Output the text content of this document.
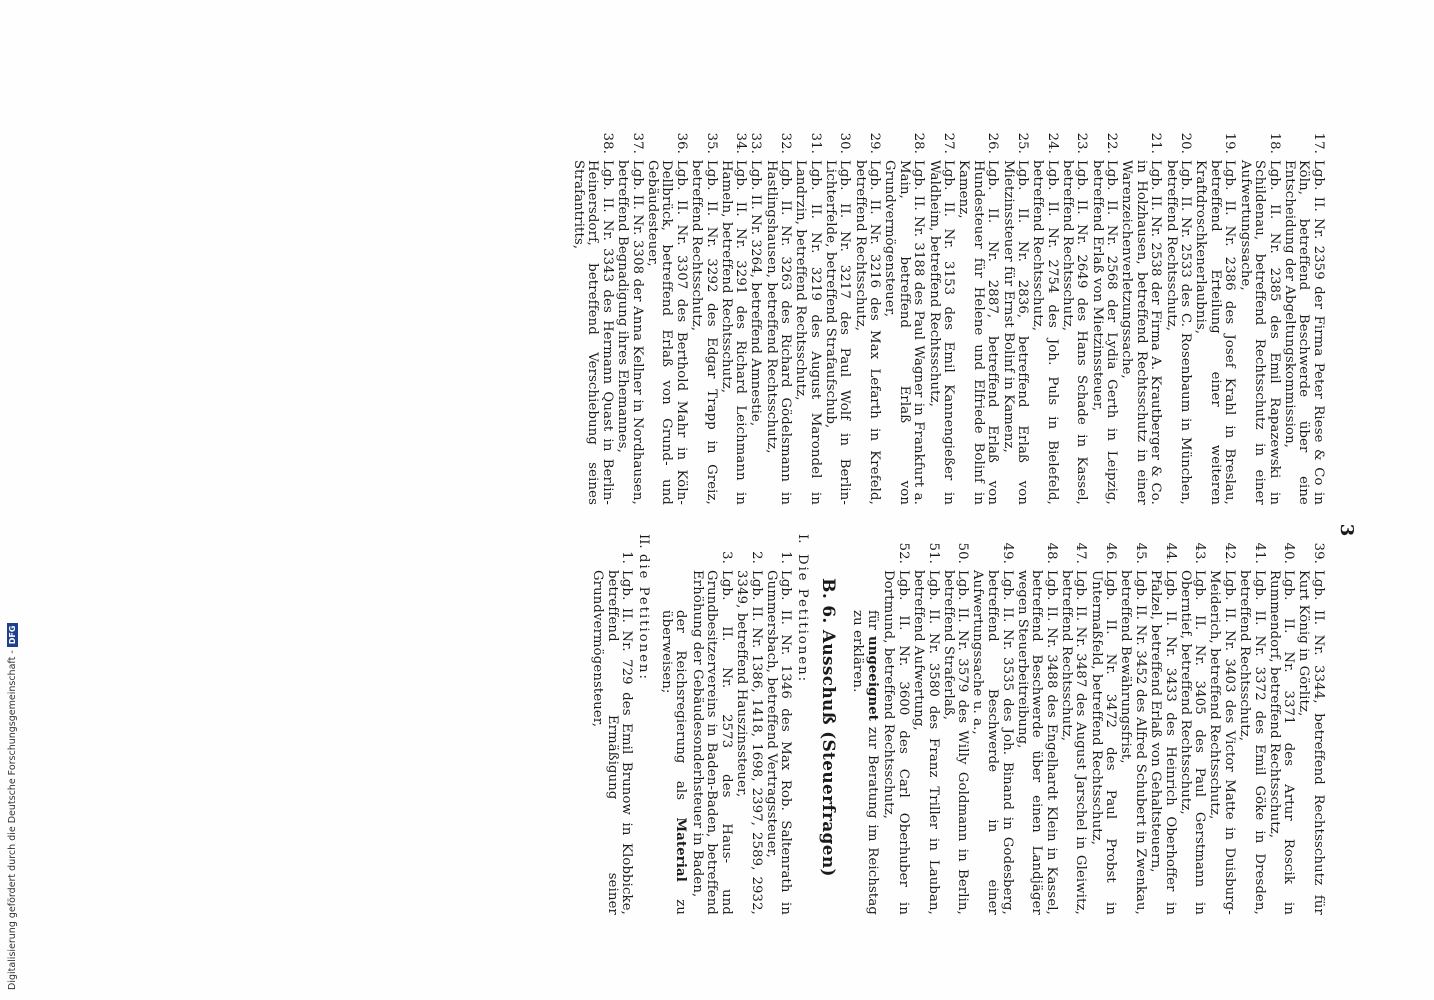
3
17.
Lgb. II. Nr. 2359 der Firma Peter Riese & Co in Köln, betreffend Beschwerde über eine Entscheidung der Abgeltungskommission,
18.
Lgb. II. Nr. 2385 des Emil Rapazewski in Schildenau, betreffend Rechtsschutz in einer Aufwertungssache,
19.
Lgb. II. Nr. 2386 des Josef Krahl in Breslau, betreffend Erteilung einer weiteren Kraftdroschkenerlaubnis,
20.
Lgb. II. Nr. 2533 des C. Rosenbaum in München, betreffend Rechtsschutz,
21.
Lgb. II. Nr. 2538 der Firma A. Krautberger & Co. in Holzhausen, betreffend Rechtsschutz in einer Warenzeichenverletzungssache,
22.
Lgb. II. Nr. 2568 der Lydia Gerth in Leipzig, betreffend Erlaß von Mietzinssteuer,
23.
Lgb. II. Nr. 2649 des Hans Schade in Kassel, betreffend Rechtsschutz,
24.
Lgb. II. Nr. 2754 des Joh. Puls in Bielefeld, betreffend Rechtsschutz,
25.
Lgb. II. Nr. 2836, betreffend Erlaß von Mietzinssteuer für Ernst Bolinf in Kamenz,
26.
Lgb. II. Nr. 2887, betreffend Erlaß von Hundesteuer für Helene und Elfriede Bolinf in Kamenz,
27.
Lgb. II. Nr. 3153 des Emil Kannengießer in Waldheim, betreffend Rechtsschutz,
28.
Lgb. II. Nr. 3188 des Paul Wagner in Frankfurt a. Main, betreffend Erlaß von Grundvermögensteuer,
29.
Lgb. II. Nr. 3216 des Max Lefarth in Krefeld, betreffend Rechtsschutz,
30.
Lgb. II. Nr. 3217 des Paul Wolf in Berlin-Lichterfelde, betreffend Strafaufschub,
31.
Lgb. II. Nr. 3219 des August Marondel in Landrzin, betreffend Rechtsschutz,
32.
Lgb. II. Nr. 3263 des Richard Gödelsmann in Hastlingshausen, betreffend Rechtsschutz,
33.
Lgb. II. Nr. 3264, betreffend Amnestie,
34.
Lgb. II. Nr. 3291 des Richard Leichmann in Hameln, betreffend Rechtsschutz,
35.
Lgb. II. Nr. 3292 des Edgar Trapp in Greiz, betreffend Rechtsschutz,
36.
Lgb. II. Nr. 3307 des Berthold Mahr in Köln-Dellbrück, betreffend Erlaß von Grund- und Gebäudesteuer,
37.
Lgb. II. Nr. 3308 der Anna Kellner in Nordhausen, betreffend Begnadigung ihres Ehemannes,
38.
Lgb. II. Nr. 3343 des Hermann Quast in Berlin-Heinersdorf, betreffend Verschiebung seines Strafantritts,
39.
Lgb. II. Nr. 3344, betreffend Rechtsschutz für Kurt König in Görlitz,
40.
Lgb. II. Nr. 3371 des Artur Roscik in Rummendorf, betreffend Rechtsschutz,
41.
Lgb. II. Nr. 3372 des Emil Göke in Dresden, betreffend Rechtsschutz,
42.
Lgb. II. Nr. 3403 des Victor Matte in Duisburg-Meiderich, betreffend Rechtsschutz,
43.
Lgb. II. Nr. 3405 des Paul Gerstmann in Oberntief, betreffend Rechtsschutz,
44.
Lgb. II. Nr. 3433 des Heinrich Oberhoffer in Pfalzel, betreffend Erlaß von Gehaltsteuern,
45.
Lgb. II. Nr. 3452 des Alfred Schubert in Zwenkau, betreffend Bewährungsfrist,
46.
Lgb. II. Nr. 3472 des Paul Probst in Untermaßfeld, betreffend Rechtsschutz,
47.
Lgb. II. Nr. 3487 des August Jarschel in Gleiwitz, betreffend Rechtsschutz,
48.
Lgb. II. Nr. 3488 des Engelhardt Klein in Kassel, betreffend Beschwerde über einen Landjäger wegen Steuerbeitreibung,
49.
Lgb. II. Nr. 3535 des Joh. Binand in Godesberg, betreffend Beschwerde in einer Aufwertungssache u. a.,
50.
Lgb. II. Nr. 3579 des Willy Goldmann in Berlin, betreffend Straferlaß,
51.
Lgb. II. Nr. 3580 des Franz Triller in Lauban, betreffend Aufwertung,
52.
Lgb. II. Nr. 3600 des Carl Oberhuber in Dortmund, betreffend Rechtsschutz,
für ungeeignet zur Beratung im Reichstag zu erklären.
B. 6. Ausschuß (Steuerfragen)
I.
Die Petitionen:
1.
Lgb. II. Nr. 1346 des Max Rob. Saltenrath in Gummersbach, betreffend Vertragssteuer,
2.
Lgb. II. Nr. 1386, 1418, 1698, 2397, 2589, 2932, 3349, betreffend Hauszinssteuer,
3.
Lgb. II. Nr. 2573 des Haus- und Grundbesitzervereins in Baden-Baden, betreffend Erhöhung der Gebäudesonderhsteuer in Baden,
der Reichsregierung als Material zu überweisen;
II.
die Petitionen:
1.
Lgb. II. Nr. 729 des Emil Brunow in Klobbicke, betreffend Ermäßigung seiner Grundvermögensteuer,
Digitalisierung gefördert durch die Deutsche Forschungsgemeinschaft -DFG
